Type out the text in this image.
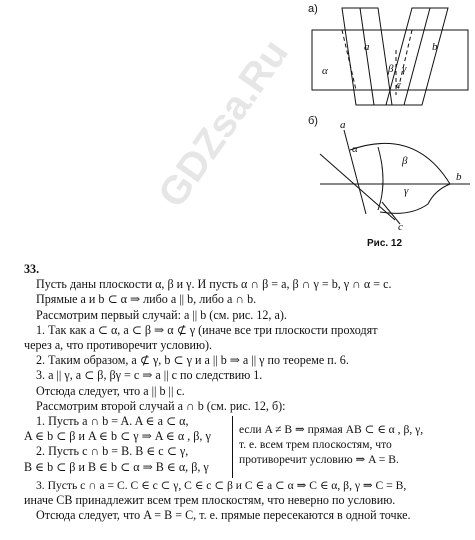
а)
α
a
β γ
b
c
б) a
α
β
γ
b
c
Рис. 12
GDZsa.Ru
33.
Пусть даны плоскости α, β и γ. И пусть α ∩ β = a, β ∩ γ = b, γ ∩ α = c.
Прямые a и b ⊂ α ⇒ либо a || b, либо a ∩ b.
Рассмотрим первый случай: a || b (см. рис. 12, а).
1. Так как a ⊂ α, a ⊂ β ⇒ α ⊄ γ (иначе все три плоскости проходят
через a, что противоречит условию).
2. Таким образом, a ⊄ γ, b ⊂ γ и a || b ⇒ a || γ по теореме п. 6.
3. a || γ, a ⊂ β, βγ = c ⇒ a || c по следствию 1.
Отсюда следует, что a || b || c.
Рассмотрим второй случай a ∩ b (см. рис. 12, б):
1. Пусть a ∩ b = A. A ∈ a ⊂ α,
A ∈ b ⊂ β и A ∈ b ⊂ γ ⇒ A ∈ α , β, γ
2. Пусть c ∩ b = B. B ∈ c ⊂ γ,
B ∈ b ⊂ β и B ∈ b ⊂ α ⇒ B ∈ α, β, γ
если A ≠ B ⇒ прямая AB ⊂ ∈ α , β, γ,
т. е. всем трем плоскостям, что
противоречит условию ⇒ A = B.
3. Пусть c ∩ a = C. C ∈ c ⊂ γ, C ∈ c ⊂ β и C ∈ a ⊂ α ⇒ C ∈ α, β, γ ⇒ C = B,
иначе CB принадлежит всем трем плоскостям, что неверно по условию.
Отсюда следует, что A = B = C, т. е. прямые пересекаются в одной точке.
